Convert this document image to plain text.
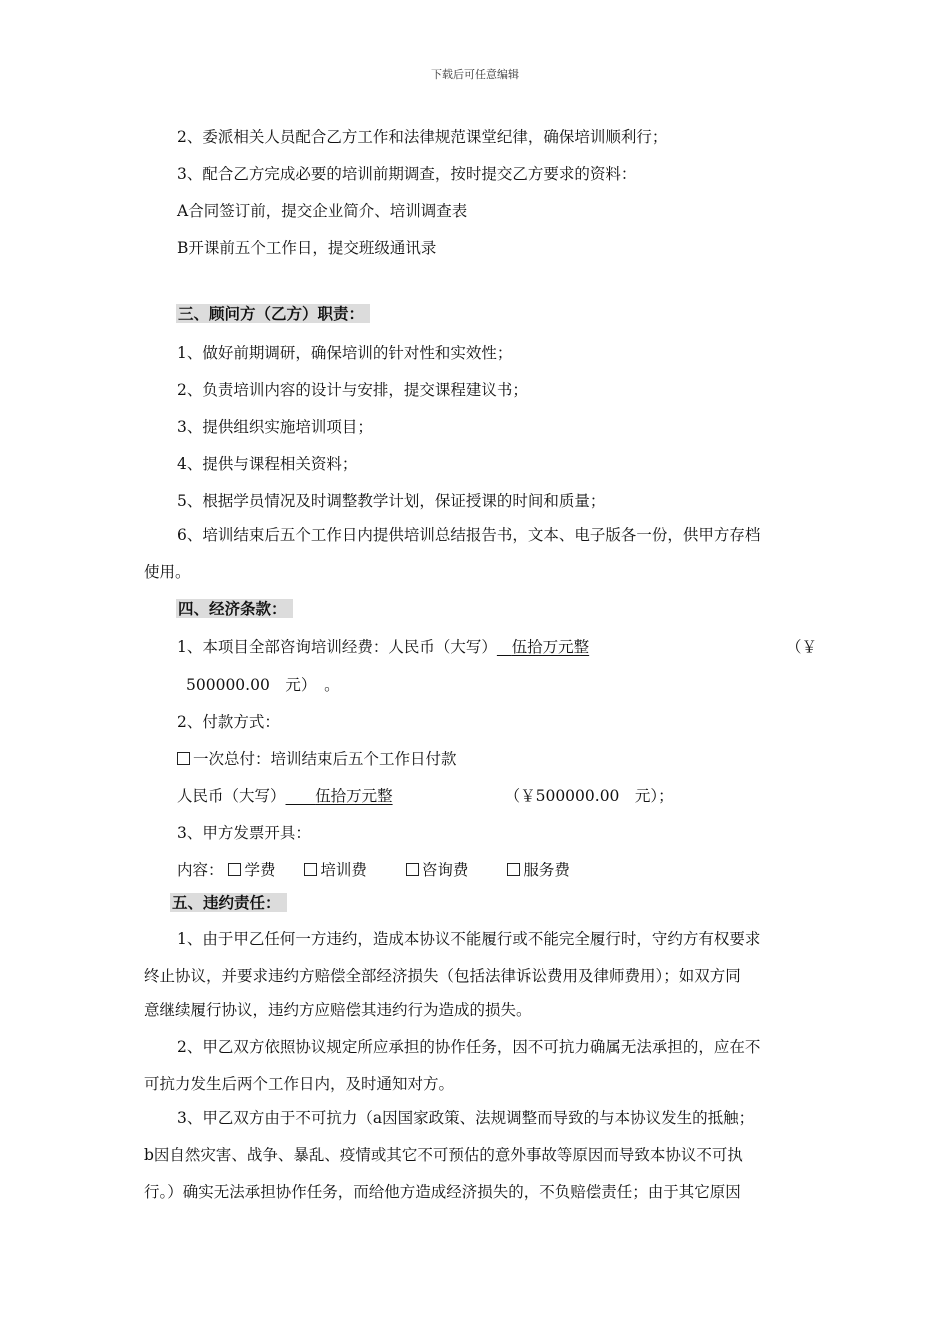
下载后可任意编辑
2、委派相关人员配合乙方工作和法律规范课堂纪律，确保培训顺利行；
3、配合乙方完成必要的培训前期调查，按时提交乙方要求的资料：
A合同签订前，提交企业简介、培训调查表
B开课前五个工作日，提交班级通讯录
三、顾问方（乙方）职责：
1、做好前期调研，确保培训的针对性和实效性；
2、负责培训内容的设计与安排，提交课程建议书；
3、提供组织实施培训项目；
4、提供与课程相关资料；
5、根据学员情况及时调整教学计划，保证授课的时间和质量；
6、培训结束后五个工作日内提供培训总结报告书，文本、电子版各一份，供甲方存档
使用。
四、经济条款：
1、本项目全部咨询培训经费：人民币（大写） 伍拾万元整	（￥
500000.00　元）　。
2、付款方式：
一次总付：培训结束后五个工作日付款
人民币（大写） 伍拾万元整	（￥500000.00　元）；
3、甲方发票开具：
内容： 学费	培训费	咨询费	服务费
五、违约责任：
1、由于甲乙任何一方违约，造成本协议不能履行或不能完全履行时，守约方有权要求
终止协议，并要求违约方赔偿全部经济损失（包括法律诉讼费用及律师费用）；如双方同
意继续履行协议，违约方应赔偿其违约行为造成的损失。
2、甲乙双方依照协议规定所应承担的协作任务，因不可抗力确属无法承担的，应在不
可抗力发生后两个工作日内，及时通知对方。
3、甲乙双方由于不可抗力（a因国家政策、法规调整而导致的与本协议发生的抵触；
b因自然灾害、战争、暴乱、疫情或其它不可预估的意外事故等原因而导致本协议不可执
行。）确实无法承担协作任务，而给他方造成经济损失的，不负赔偿责任；由于其它原因
